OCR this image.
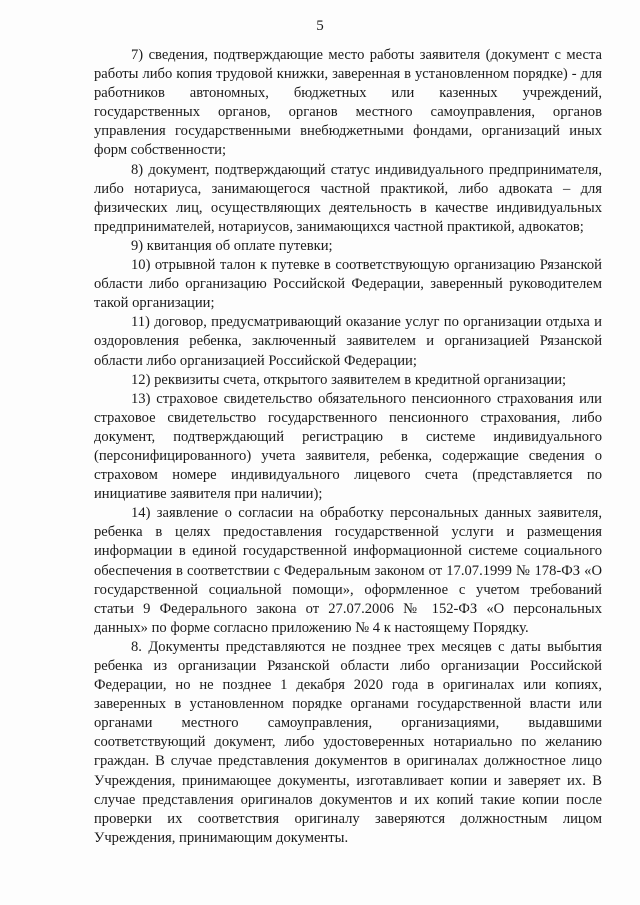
5

7) сведения, подтверждающие место работы заявителя (документ с места работы либо копия трудовой книжки, заверенная в установленном порядке) - для работников автономных, бюджетных или казенных учреждений, государственных органов, органов местного самоуправления, органов управления государственными внебюджетными фондами, организаций иных форм собственности;

8) документ, подтверждающий статус индивидуального предпринимателя, либо нотариуса, занимающегося частной практикой, либо адвоката – для физических лиц, осуществляющих деятельность в качестве индивидуальных предпринимателей, нотариусов, занимающихся частной практикой, адвокатов;

9) квитанция об оплате путевки;

10) отрывной талон к путевке в соответствующую организацию Рязанской области либо организацию Российской Федерации, заверенный руководителем такой организации;

11) договор, предусматривающий оказание услуг по организации отдыха и оздоровления ребенка, заключенный заявителем и организацией Рязанской области либо организацией Российской Федерации;

12) реквизиты счета, открытого заявителем в кредитной организации;

13) страховое свидетельство обязательного пенсионного страхования или страховое свидетельство государственного пенсионного страхования, либо документ, подтверждающий регистрацию в системе индивидуального (персонифицированного) учета заявителя, ребенка, содержащие сведения о страховом номере индивидуального лицевого счета (представляется по инициативе заявителя при наличии);

14) заявление о согласии на обработку персональных данных заявителя, ребенка в целях предоставления государственной услуги и размещения информации в единой государственной информационной системе социального обеспечения в соответствии с Федеральным законом от 17.07.1999 № 178-ФЗ «О государственной социальной помощи», оформленное с учетом требований статьи 9 Федерального закона от 27.07.2006 № 152-ФЗ «О персональных данных» по форме согласно приложению № 4 к настоящему Порядку.

8. Документы представляются не позднее трех месяцев с даты выбытия ребенка из организации Рязанской области либо организации Российской Федерации, но не позднее 1 декабря 2020 года в оригиналах или копиях, заверенных в установленном порядке органами государственной власти или органами местного самоуправления, организациями, выдавшими соответствующий документ, либо удостоверенных нотариально по желанию граждан. В случае представления документов в оригиналах должностное лицо Учреждения, принимающее документы, изготавливает копии и заверяет их. В случае представления оригиналов документов и их копий такие копии после проверки их соответствия оригиналу заверяются должностным лицом Учреждения, принимающим документы.
